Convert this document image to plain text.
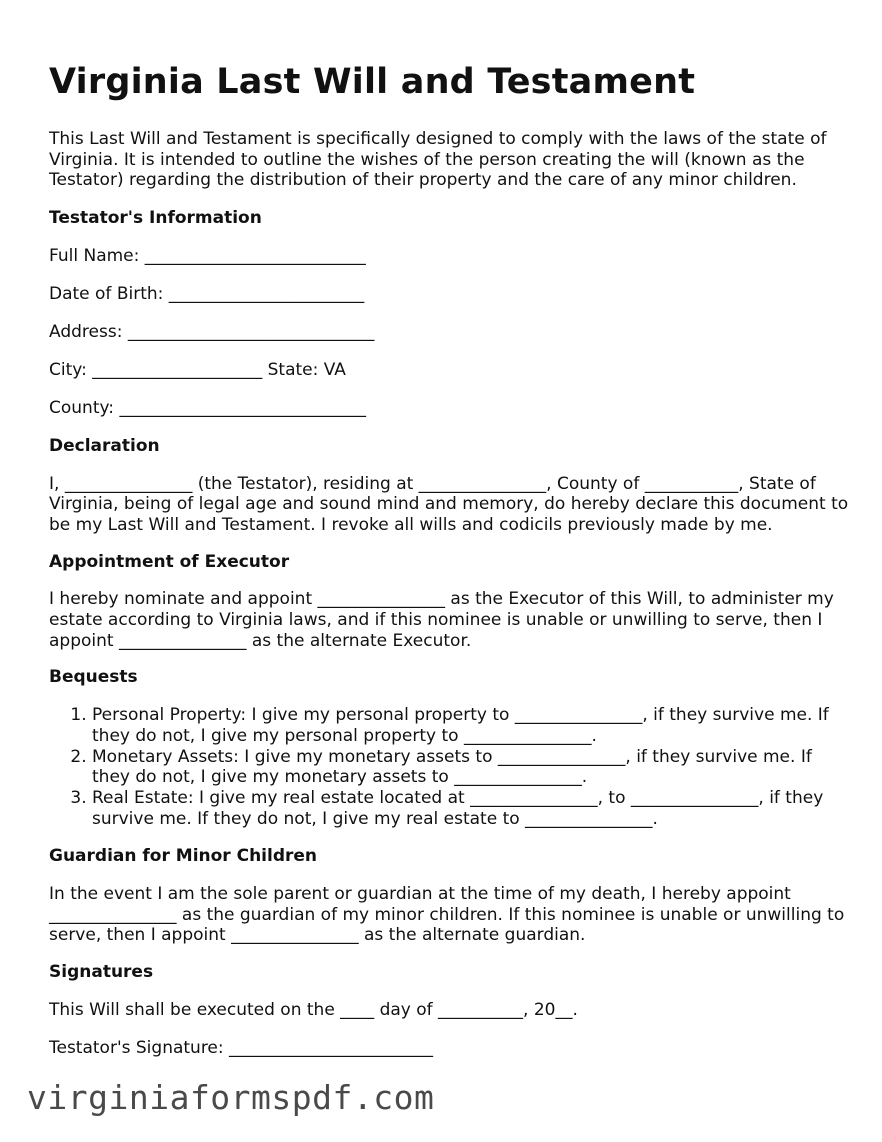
Virginia Last Will and Testament

This Last Will and Testament is specifically designed to comply with the laws of the state of Virginia. It is intended to outline the wishes of the person creating the will (known as the Testator) regarding the distribution of their property and the care of any minor children.

Testator's Information
Full Name: __________________________
Date of Birth: _______________________
Address: _____________________________
City: ____________________ State: VA
County: _____________________________
Declaration

I, _______________ (the Testator), residing at _______________, County of ___________, State of Virginia, being of legal age and sound mind and memory, do hereby declare this document to be my Last Will and Testament. I revoke all wills and codicils previously made by me.

Appointment of Executor

I hereby nominate and appoint _______________ as the Executor of this Will, to administer my estate according to Virginia laws, and if this nominee is unable or unwilling to serve, then I appoint _______________ as the alternate Executor.

Bequests
1. Personal Property: I give my personal property to _______________, if they survive me. If they do not, I give my personal property to _______________.
2. Monetary Assets: I give my monetary assets to _______________, if they survive me. If they do not, I give my monetary assets to _______________.
3. Real Estate: I give my real estate located at _______________, to _______________, if they survive me. If they do not, I give my real estate to _______________.
Guardian for Minor Children

In the event I am the sole parent or guardian at the time of my death, I hereby appoint _______________ as the guardian of my minor children. If this nominee is unable or unwilling to serve, then I appoint _______________ as the alternate guardian.

Signatures
This Will shall be executed on the ____ day of __________, 20__.
Testator's Signature: ________________________
virginiaformspdf.com
